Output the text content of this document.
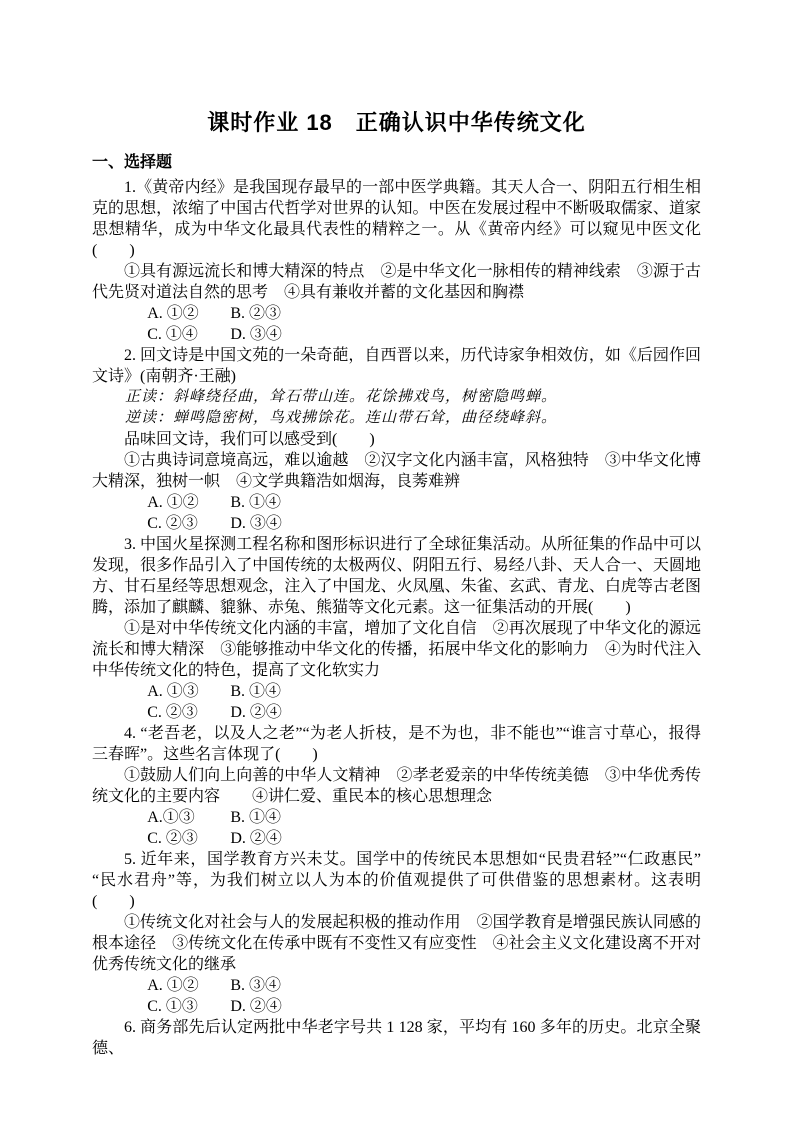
课时作业 18　正确认识中华传统文化
一、选择题

1.《黄帝内经》是我国现存最早的一部中医学典籍。其天人合一、阴阳五行相生相克的思想，浓缩了中国古代哲学对世界的认知。中医在发展过程中不断吸取儒家、道家思想精华，成为中华文化最具代表性的精粹之一。从《黄帝内经》可以窥见中医文化(　　)

①具有源远流长和博大精深的特点　②是中华文化一脉相传的精神线索　③源于古代先贤对道法自然的思考　④具有兼收并蓄的文化基因和胸襟

A. ①② B. ②③

C. ①④ D. ③④

2. 回文诗是中国文苑的一朵奇葩，自西晋以来，历代诗家争相效仿，如《后园作回文诗》(南朝齐·王融)

正读：斜峰绕径曲，耸石带山连。花馀拂戏鸟，树密隐鸣蝉。

逆读：蝉鸣隐密树，鸟戏拂馀花。连山带石耸，曲径绕峰斜。

品味回文诗，我们可以感受到(　　)

①古典诗词意境高远，难以逾越　②汉字文化内涵丰富，风格独特　③中华文化博大精深，独树一帜　④文学典籍浩如烟海，良莠难辨

A. ①② B. ①④

C. ②③ D. ③④

3. 中国火星探测工程名称和图形标识进行了全球征集活动。从所征集的作品中可以发现，很多作品引入了中国传统的太极两仪、阴阳五行、易经八卦、天人合一、天圆地方、甘石星经等思想观念，注入了中国龙、火凤凰、朱雀、玄武、青龙、白虎等古老图腾，添加了麒麟、貔貅、赤兔、熊猫等文化元素。这一征集活动的开展(　　)

①是对中华传统文化内涵的丰富，增加了文化自信　②再次展现了中华文化的源远流长和博大精深　③能够推动中华文化的传播，拓展中华文化的影响力　④为时代注入中华传统文化的特色，提高了文化软实力

A. ①③ B. ①④

C. ②③ D. ②④

4. “老吾老，以及人之老”“为老人折枝，是不为也，非不能也”“谁言寸草心，报得三春晖”。这些名言体现了(　　)

①鼓励人们向上向善的中华人文精神　②孝老爱亲的中华传统美德　③中华优秀传统文化的主要内容　　④讲仁爱、重民本的核心思想理念

A.①③ B. ①④

C. ②③ D. ②④

5. 近年来，国学教育方兴未艾。国学中的传统民本思想如“民贵君轻”“仁政惠民”“民水君舟”等，为我们树立以人为本的价值观提供了可供借鉴的思想素材。这表明(　　)

①传统文化对社会与人的发展起积极的推动作用　②国学教育是增强民族认同感的根本途径　③传统文化在传承中既有不变性又有应变性　④社会主义文化建设离不开对优秀传统文化的继承

A. ①② B. ③④

C. ①③ D. ②④

6. 商务部先后认定两批中华老字号共 1 128 家，平均有 160 多年的历史。北京全聚德、
